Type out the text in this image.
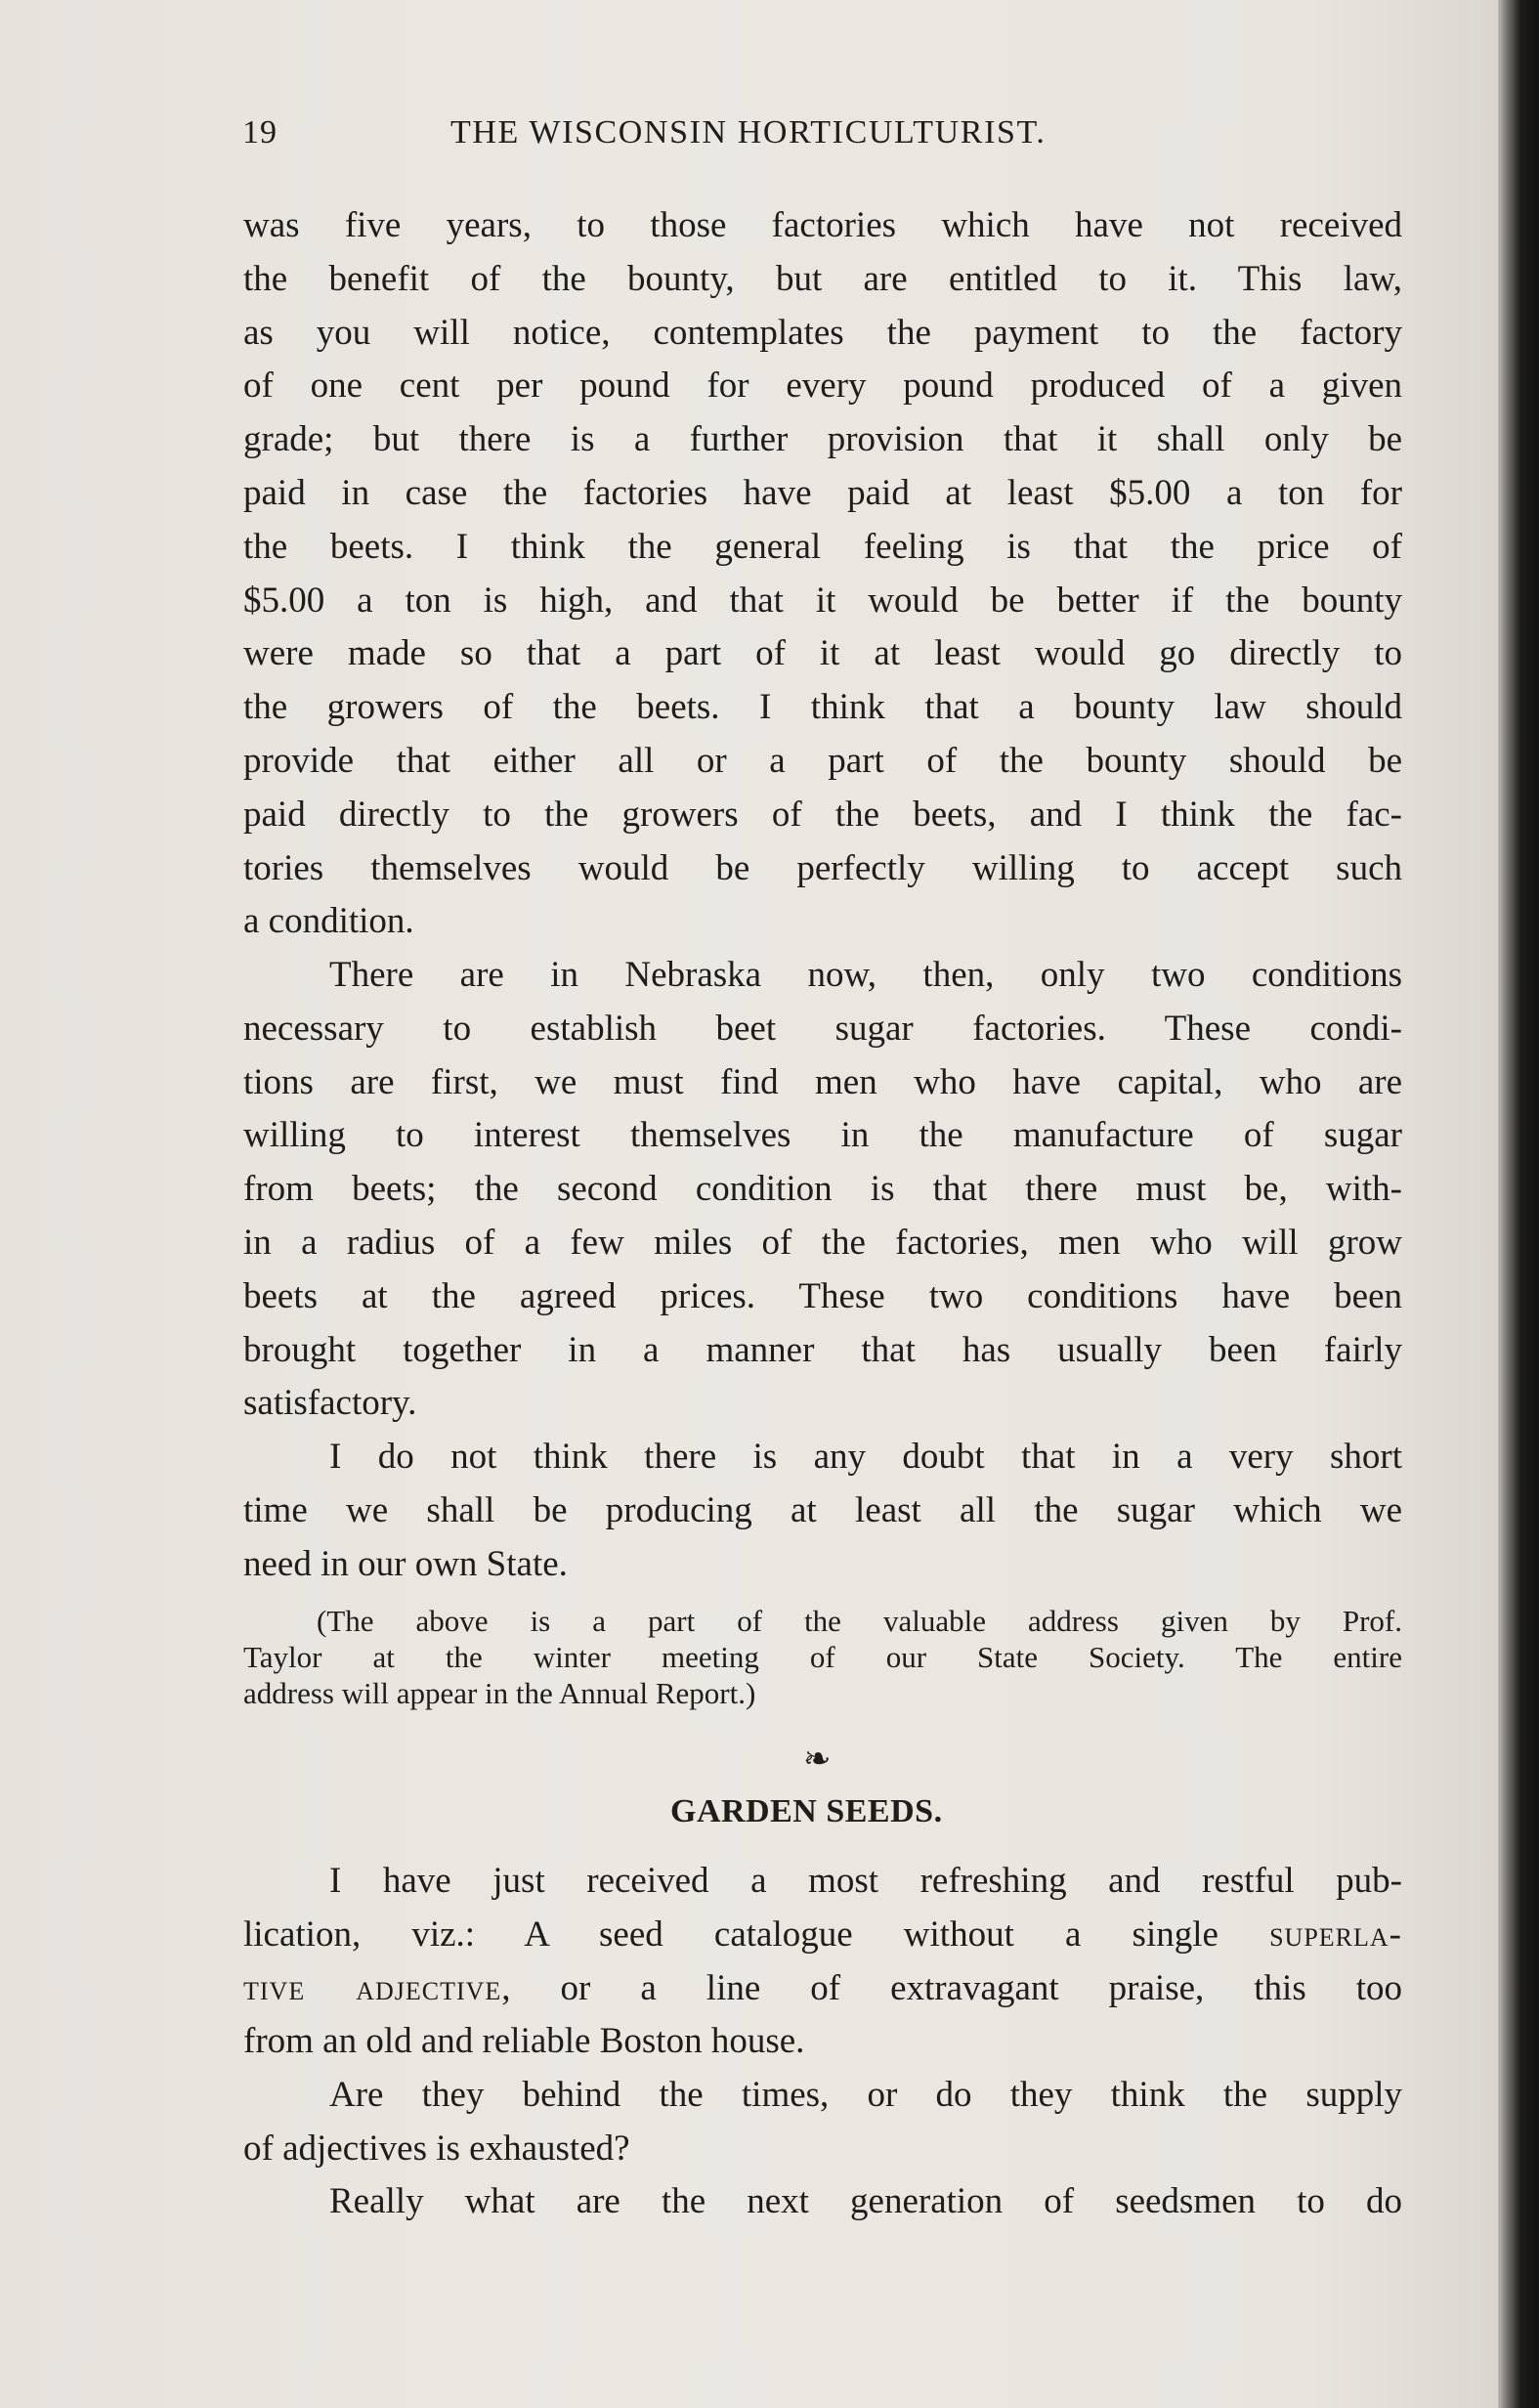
19	THE WISCONSIN HORTICULTURIST.
was five years, to those factories which have not received
the benefit of the bounty, but are entitled to it. This law,
as you will notice, contemplates the payment to the factory
of one cent per pound for every pound produced of a given
grade; but there is a further provision that it shall only be
paid in case the factories have paid at least $5.00 a ton for
the beets. I think the general feeling is that the price of
$5.00 a ton is high, and that it would be better if the bounty
were made so that a part of it at least would go directly to
the growers of the beets. I think that a bounty law should
provide that either all or a part of the bounty should be
paid directly to the growers of the beets, and I think the fac-
tories themselves would be perfectly willing to accept such
a condition.
There are in Nebraska now, then, only two conditions
necessary to establish beet sugar factories. These condi-
tions are first, we must find men who have capital, who are
willing to interest themselves in the manufacture of sugar
from beets; the second condition is that there must be, with-
in a radius of a few miles of the factories, men who will grow
beets at the agreed prices. These two conditions have been
brought together in a manner that has usually been fairly
satisfactory.
I do not think there is any doubt that in a very short
time we shall be producing at least all the sugar which we
need in our own State.
(The above is a part of the valuable address given by Prof.
Taylor at the winter meeting of our State Society. The entire
address will appear in the Annual Report.)
❧
GARDEN SEEDS.
I have just received a most refreshing and restful pub-
lication, viz.: A seed catalogue without a single superla-
tive adjective, or a line of extravagant praise, this too
from an old and reliable Boston house.
Are they behind the times, or do they think the supply
of adjectives is exhausted?
Really what are the next generation of seedsmen to do
